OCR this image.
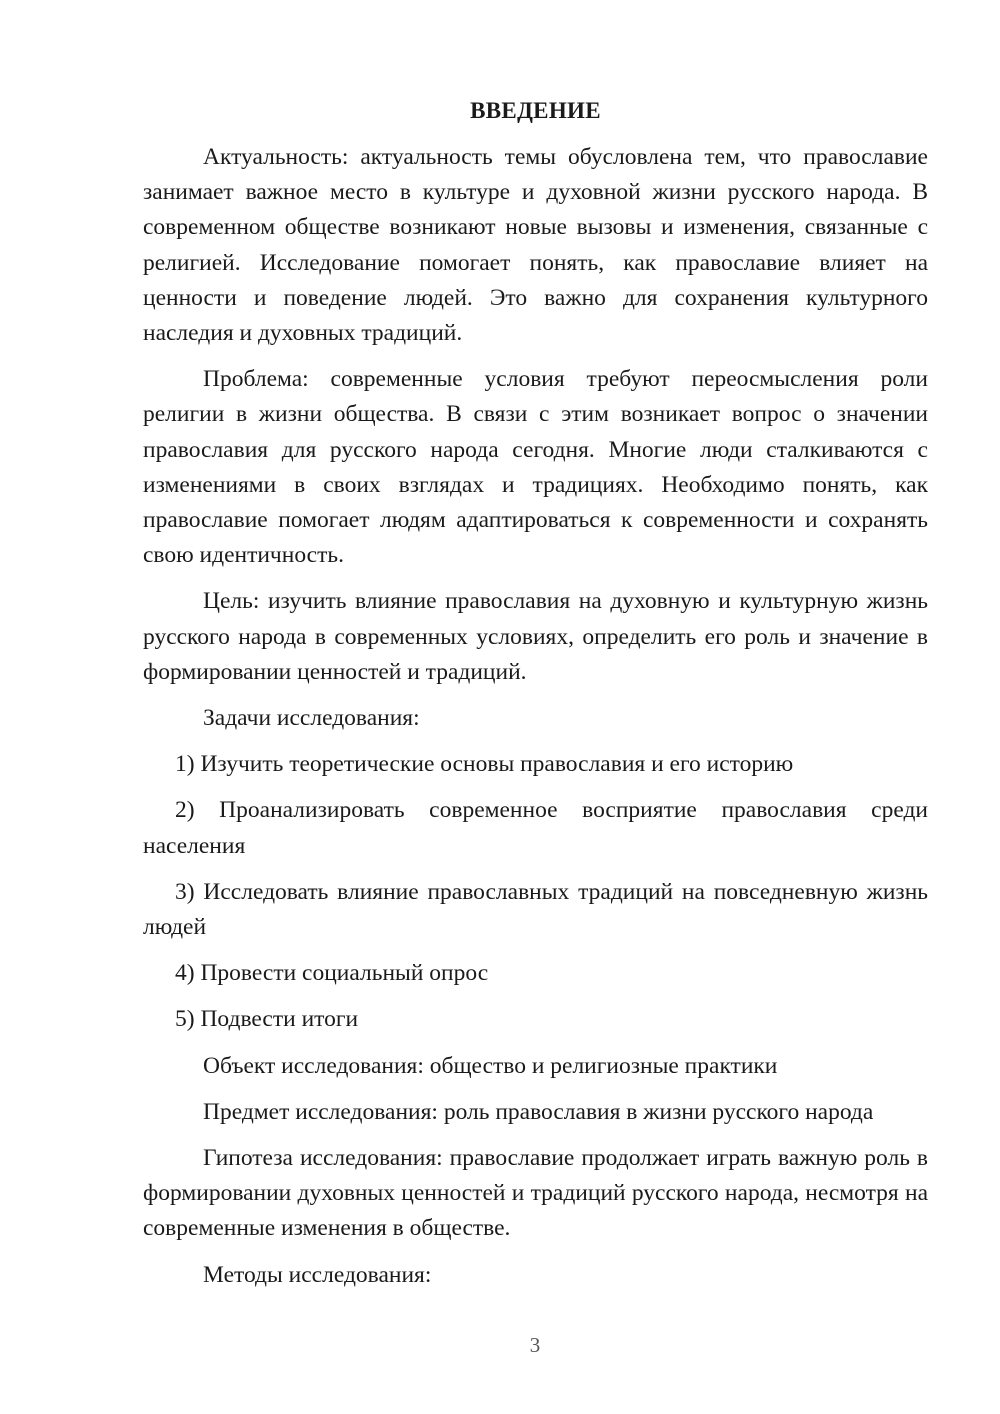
ВВЕДЕНИЕ

Актуальность: актуальность темы обусловлена тем, что православие занимает важное место в культуре и духовной жизни русского народа. В современном обществе возникают новые вызовы и изменения, связанные с религией. Исследование помогает понять, как православие влияет на ценности и поведение людей. Это важно для сохранения культурного наследия и духовных традиций.

Проблема: современные условия требуют переосмысления роли религии в жизни общества. В связи с этим возникает вопрос о значении православия для русского народа сегодня. Многие люди сталкиваются с изменениями в своих взглядах и традициях. Необходимо понять, как православие помогает людям адаптироваться к современности и сохранять свою идентичность.

Цель: изучить влияние православия на духовную и культурную жизнь русского народа в современных условиях, определить его роль и значение в формировании ценностей и традиций.

Задачи исследования:

1) Изучить теоретические основы православия и его историю

2) Проанализировать современное восприятие православия среди населения

3) Исследовать влияние православных традиций на повседневную жизнь людей

4) Провести социальный опрос

5) Подвести итоги

Объект исследования: общество и религиозные практики

Предмет исследования: роль православия в жизни русского народа

Гипотеза исследования: православие продолжает играть важную роль в формировании духовных ценностей и традиций русского народа, несмотря на современные изменения в обществе.

Методы исследования:

3
